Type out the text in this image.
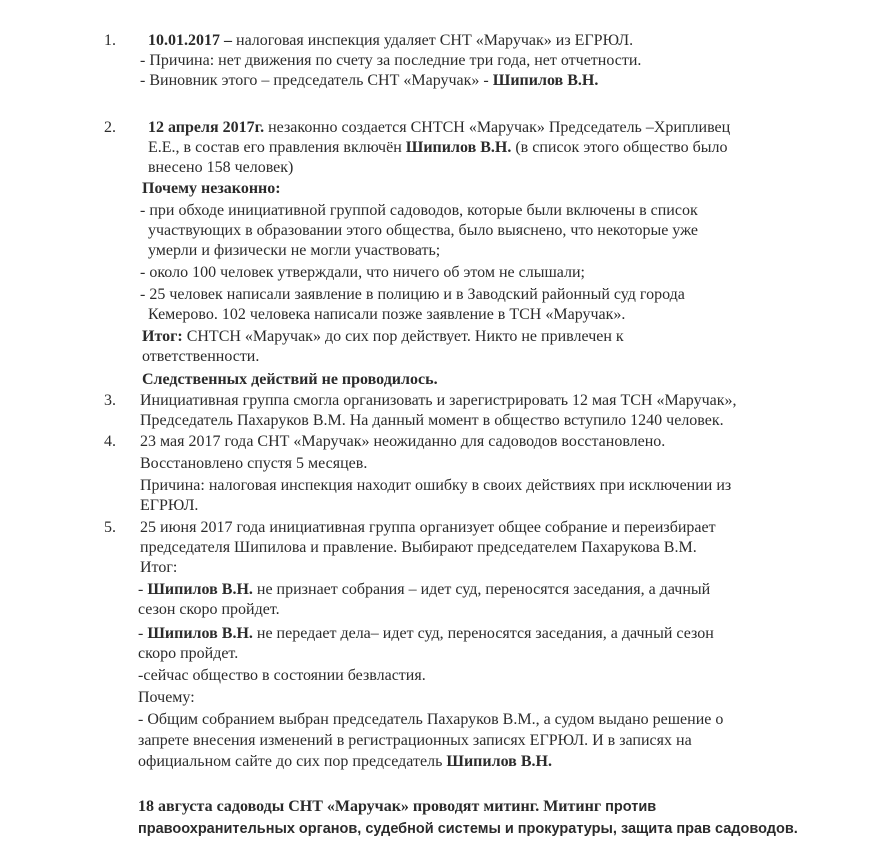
1. 10.01.2017 – налоговая инспекция удаляет СНТ «Маручак» из ЕГРЮЛ.
- Причина: нет движения по счету за последние три года, нет отчетности.
- Виновник этого – председатель СНТ «Маручак» - Шипилов В.Н.
2. 12 апреля 2017г. незаконно создается СНТСН «Маручак» Председатель –Хрипливец
Е.Е., в состав его правления включён Шипилов В.Н. (в список этого общество было
внесено 158 человек)
Почему незаконно:
- при обходе инициативной группой садоводов, которые были включены в список
участвующих в образовании этого общества, было выяснено, что некоторые уже
умерли и физически не могли участвовать;
- около 100 человек утверждали, что ничего об этом не слышали;
- 25 человек написали заявление в полицию и в Заводский районный суд города
Кемерово. 102 человека написали позже заявление в ТСН «Маручак».
Итог: СНТСН «Маручак» до сих пор действует. Никто не привлечен к
ответственности.
Следственных действий не проводилось.
3. Инициативная группа смогла организовать и зарегистрировать 12 мая ТСН «Маручак»,
Председатель Пахаруков В.М. На данный момент в общество вступило 1240 человек.
4. 23 мая 2017 года СНТ «Маручак» неожиданно для садоводов восстановлено.
Восстановлено спустя 5 месяцев.
Причина: налоговая инспекция находит ошибку в своих действиях при исключении из
ЕГРЮЛ.
5. 25 июня 2017 года инициативная группа организует общее собрание и переизбирает
председателя Шипилова и правление. Выбирают председателем Пахарукова В.М.
Итог:
- Шипилов В.Н. не признает собрания – идет суд, переносятся заседания, а дачный
сезон скоро пройдет.
- Шипилов В.Н. не передает дела– идет суд, переносятся заседания, а дачный сезон
скоро пройдет.
-сейчас общество в состоянии безвластия.
Почему:
- Общим собранием выбран председатель Пахаруков В.М., а судом выдано решение о
запрете внесения изменений в регистрационных записях ЕГРЮЛ. И в записях на
официальном сайте до сих пор председатель Шипилов В.Н.
18 августа садоводы СНТ «Маручак» проводят митинг. Митинг против
правоохранительных органов, судебной системы и прокуратуры, защита прав садоводов.
